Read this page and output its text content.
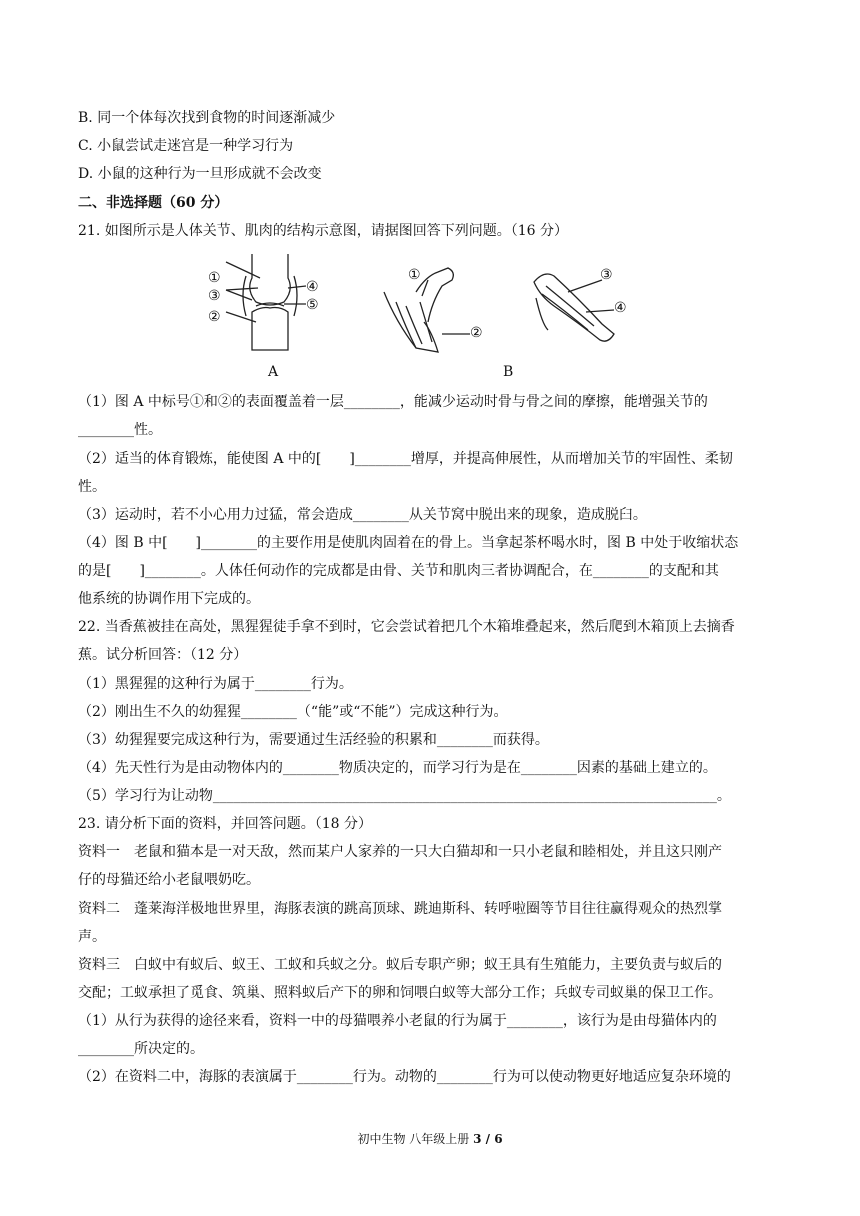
B. 同一个体每次找到食物的时间逐渐减少
C. 小鼠尝试走迷宫是一种学习行为
D. 小鼠的这种行为一旦形成就不会改变
二、非选择题（60 分）
21. 如图所示是人体关节、肌肉的结构示意图，请据图回答下列问题。（16 分）
①
③
②
④
⑤
①
②
③
④
A	B
（1）图 A 中标号①和②的表面覆盖着一层________，能减少运动时骨与骨之间的摩擦，能增强关节的
________性。
（2）适当的体育锻炼，能使图 A 中的[　　]________增厚，并提高伸展性，从而增加关节的牢固性、柔韧
性。
（3）运动时，若不小心用力过猛，常会造成________从关节窝中脱出来的现象，造成脱臼。
（4）图 B 中[　　]________的主要作用是使肌肉固着在的骨上。当拿起茶杯喝水时，图 B 中处于收缩状态
的是[　　]________。人体任何动作的完成都是由骨、关节和肌肉三者协调配合，在________的支配和其
他系统的协调作用下完成的。
22. 当香蕉被挂在高处，黑猩猩徒手拿不到时，它会尝试着把几个木箱堆叠起来，然后爬到木箱顶上去摘香
蕉。试分析回答：（12 分）
（1）黑猩猩的这种行为属于________行为。
（2）刚出生不久的幼猩猩________（“能”或“不能”）完成这种行为。
（3）幼猩猩要完成这种行为，需要通过生活经验的积累和________而获得。
（4）先天性行为是由动物体内的________物质决定的，而学习行为是在________因素的基础上建立的。
（5）学习行为让动物________________________________________________________________________。
23. 请分析下面的资料，并回答问题。（18 分）
资料一　老鼠和猫本是一对天敌，然而某户人家养的一只大白猫却和一只小老鼠和睦相处，并且这只刚产
仔的母猫还给小老鼠喂奶吃。
资料二　蓬莱海洋极地世界里，海豚表演的跳高顶球、跳迪斯科、转呼啦圈等节目往往赢得观众的热烈掌
声。
资料三　白蚁中有蚁后、蚁王、工蚁和兵蚁之分。蚁后专职产卵；蚁王具有生殖能力，主要负责与蚁后的
交配；工蚁承担了觅食、筑巢、照料蚁后产下的卵和饲喂白蚁等大部分工作；兵蚁专司蚁巢的保卫工作。
（1）从行为获得的途径来看，资料一中的母猫喂养小老鼠的行为属于________，该行为是由母猫体内的
________所决定的。
（2）在资料二中，海豚的表演属于________行为。动物的________行为可以使动物更好地适应复杂环境的
初中生物 八年级上册 3 / 6
